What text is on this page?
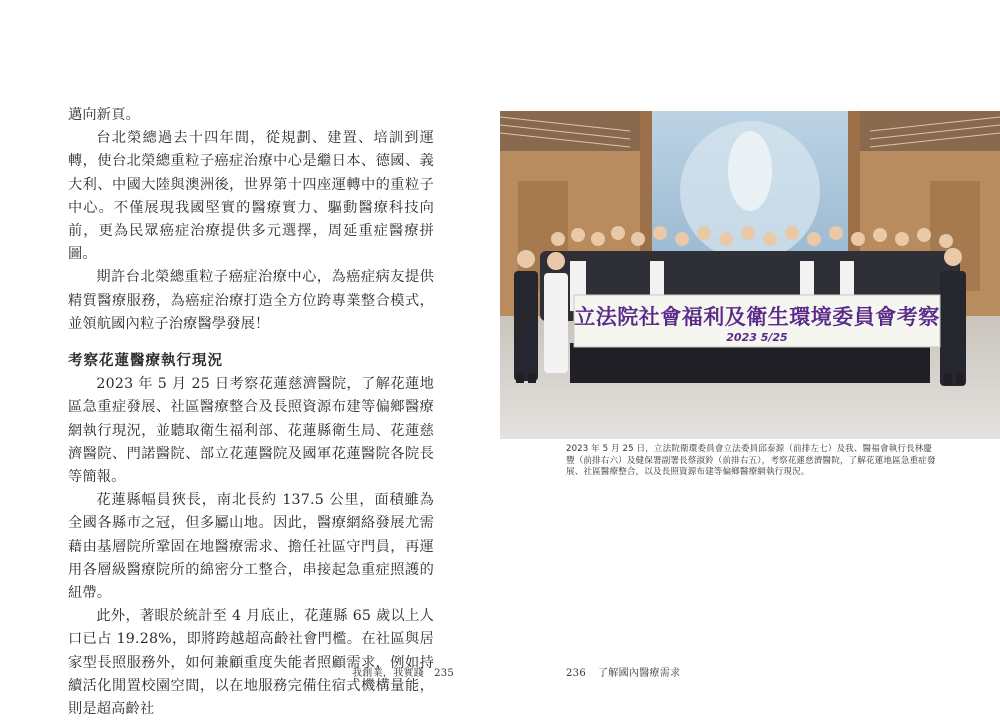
邁向新頁。

台北榮總過去十四年間，從規劃、建置、培訓到運轉，使台北榮總重粒子癌症治療中心是繼日本、德國、義大利、中國大陸與澳洲後，世界第十四座運轉中的重粒子中心。不僅展現我國堅實的醫療實力、驅動醫療科技向前，更為民眾癌症治療提供多元選擇，周延重症醫療拼圖。

期許台北榮總重粒子癌症治療中心，為癌症病友提供精質醫療服務，為癌症治療打造全方位跨專業整合模式，並領航國內粒子治療醫學發展！

考察花蓮醫療執行現況

2023 年 5 月 25 日考察花蓮慈濟醫院，了解花蓮地區急重症發展、社區醫療整合及長照資源布建等偏鄉醫療網執行現況，並聽取衛生福利部、花蓮縣衛生局、花蓮慈濟醫院、門諾醫院、部立花蓮醫院及國軍花蓮醫院各院長等簡報。

花蓮縣幅員狹長，南北長約 137.5 公里，面積雖為全國各縣市之冠，但多屬山地。因此，醫療網絡發展尤需藉由基層院所鞏固在地醫療需求、擔任社區守門員，再運用各層級醫療院所的綿密分工整合，串接起急重症照護的紐帶。

此外，著眼於統計至 4 月底止，花蓮縣 65 歲以上人口已占 19.28%，即將跨越超高齡社會門檻。在社區與居家型長照服務外，如何兼顧重度失能者照顧需求，例如持續活化閒置校園空間，以在地服務完備住宿式機構量能，則是超高齡社

我創業，我實踐 235
立法院社會福利及衛生環境委員會考察
2023 5/25
2023 年 5 月 25 日，立法院衛環委員會立法委員邱泰源（前排左七）及我、醫福會執行長林慶豐（前排右六）及健保署副署長蔡淑鈴（前排右五），考察花蓮慈濟醫院，了解花蓮地區急重症發展、社區醫療整合，以及長照資源布建等偏鄉醫療網執行現況。
236 了解國內醫療需求
